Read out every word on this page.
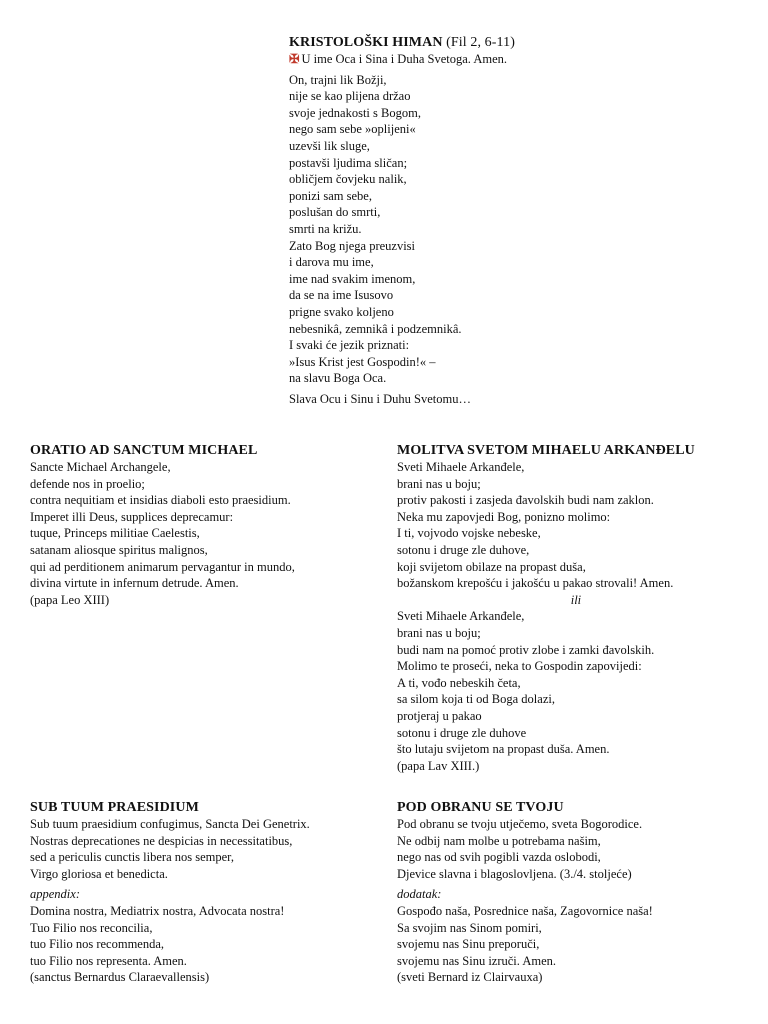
KRISTOLOŠKI HIMAN (Fil 2, 6-11)
✠ U ime Oca i Sina i Duha Svetoga. Amen.
On, trajni lik Božji,
nije se kao plijena držao
svoje jednakosti s Bogom,
nego sam sebe »oplijeni«
uzevši lik sluge,
postavši ljudima sličan;
obličjem čovjeku nalik,
ponizi sam sebe,
poslušan do smrti,
smrti na križu.
Zato Bog njega preuzvisi
i darova mu ime,
ime nad svakim imenom,
da se na ime Isusovo
prigne svako koljeno
nebesnikâ, zemnikâ i podzemnikâ.
I svaki će jezik priznati:
»Isus Krist jest Gospodin!« –
na slavu Boga Oca.
Slava Ocu i Sinu i Duhu Svetomu…
ORATIO AD SANCTUM MICHAEL
Sancte Michael Archangele,
defende nos in proelio;
contra nequitiam et insidias diaboli esto praesidium.
Imperet illi Deus, supplices deprecamur:
tuque, Princeps militiae Caelestis,
satanam aliosque spiritus malignos,
qui ad perditionem animarum pervagantur in mundo,
divina virtute in infernum detrude. Amen.
(papa Leo XIII)
MOLITVA SVETOM MIHAELU ARKANĐELU
Sveti Mihaele Arkanđele,
brani nas u boju;
protiv pakosti i zasjeda đavolskih budi nam zaklon.
Neka mu zapovjedi Bog, ponizno molimo:
I ti, vojvodo vojske nebeske,
sotonu i druge zle duhove,
koji svijetom obilaze na propast duša,
božanskom krepošću i jakošću u pakao strovali! Amen.
ili
Sveti Mihaele Arkanđele,
brani nas u boju;
budi nam na pomoć protiv zlobe i zamki đavolskih.
Molimo te proseći, neka to Gospodin zapovijedi:
A ti, vođo nebeskih četa,
sa silom koja ti od Boga dolazi,
protjeraj u pakao
sotonu i druge zle duhove
što lutaju svijetom na propast duša. Amen.
(papa Lav XIII.)
SUB TUUM PRAESIDIUM
Sub tuum praesidium confugimus, Sancta Dei Genetrix.
Nostras deprecationes ne despicias in necessitatibus,
sed a periculis cunctis libera nos semper,
Virgo gloriosa et benedicta.
appendix:
Domina nostra, Mediatrix nostra, Advocata nostra!
Tuo Filio nos reconcilia,
tuo Filio nos recommenda,
tuo Filio nos representa. Amen.
(sanctus Bernardus Claraevallensis)
POD OBRANU SE TVOJU
Pod obranu se tvoju utječemo, sveta Bogorodice.
Ne odbij nam molbe u potrebama našim,
nego nas od svih pogibli vazda oslobodi,
Djevice slavna i blagoslovljena. (3./4. stoljeće)
dodatak:
Gospođo naša, Posrednice naša, Zagovornice naša!
Sa svojim nas Sinom pomiri,
svojemu nas Sinu preporuči,
svojemu nas Sinu izruči. Amen.
(sveti Bernard iz Clairvauxa)
